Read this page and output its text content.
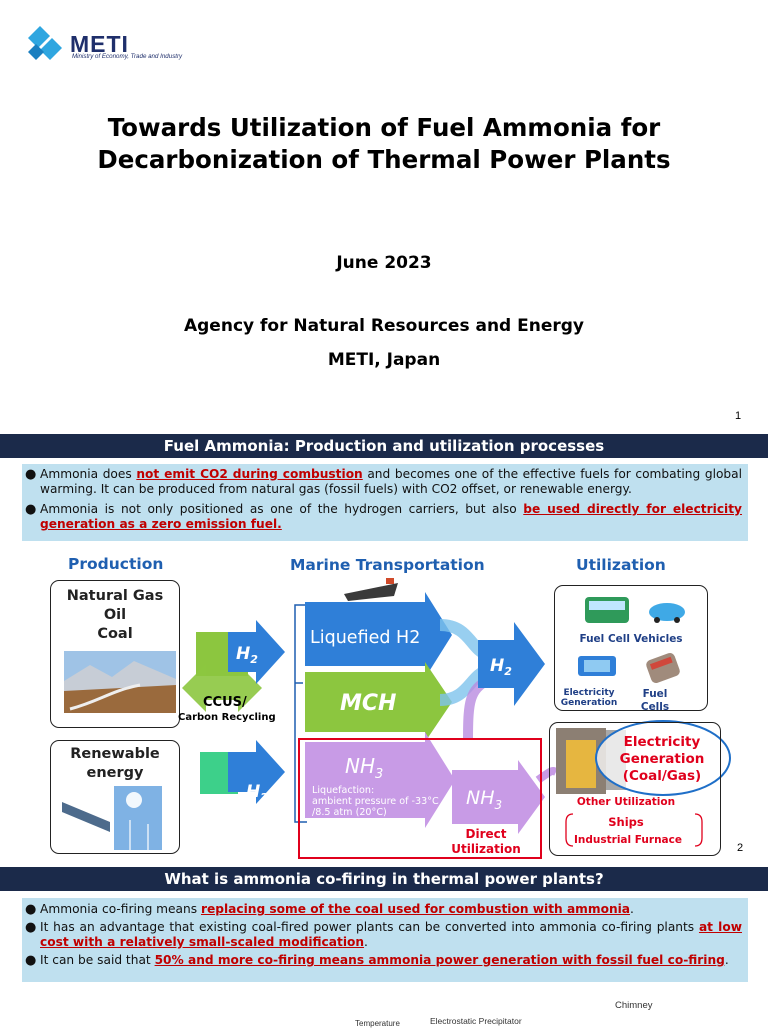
METI
Ministry of Economy, Trade and Industry
Towards Utilization of Fuel Ammonia for
Decarbonization of Thermal Power Plants
June 2023
Agency for Natural Resources and Energy
METI, Japan
1
Fuel Ammonia: Production and utilization processes
● Ammonia does not emit CO2 during combustion and becomes one of the effective fuels for combating global warming. It can be produced from natural gas (fossil fuels) with CO2 offset, or renewable energy.
● Ammonia is not only positioned as one of the hydrogen carriers, but also be used directly for electricity generation as a zero emission fuel.
Production	Marine Transportation	Utilization
$H_2$
$H_2$
$H_2$
Liquefied H2
MCH
$NH_3$
$NH_3$
Liquefaction:
ambient pressure of -33°C /8.5 atm (20°C)
Natural Gas
Oil
Coal
Renewable
energy
CCUS/
Carbon Recycling
Direct
Utilization
Fuel Cell Vehicles
Electricity
Generation
Fuel
Cells
Electricity
Generation
(Coal/Gas)
Other Utilization
Ships
Industrial Furnace
2
What is ammonia co-firing in thermal power plants?
● Ammonia co-firing means replacing some of the coal used for combustion with ammonia.
● It has an advantage that existing coal-fired power plants can be converted into ammonia co-firing plants at low cost with a relatively small-scaled modification.
● It can be said that 50% and more co-firing means ammonia power generation with fossil fuel co-firing.
Chimney
Electrostatic Precipitator
Temperature
